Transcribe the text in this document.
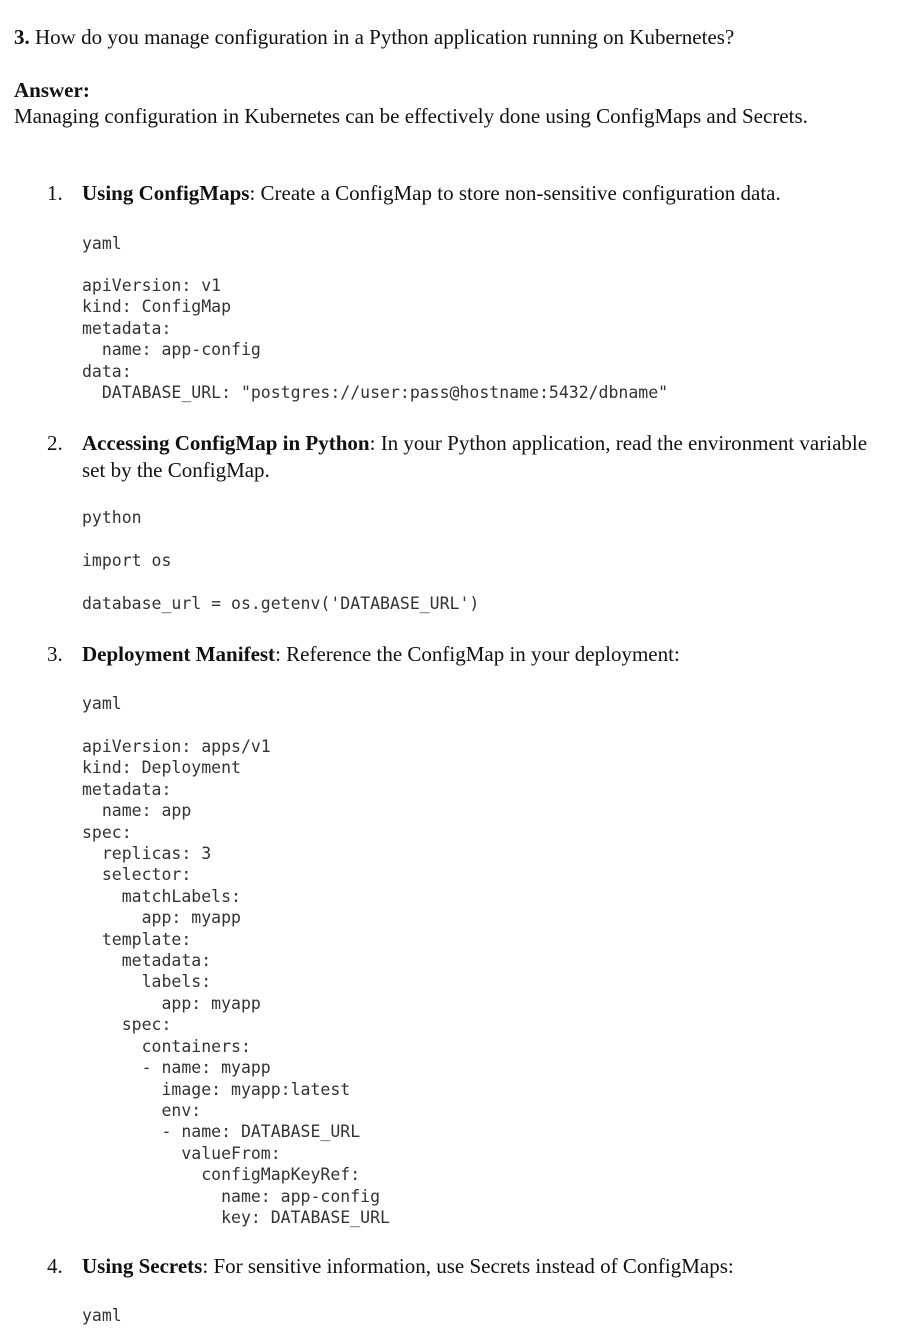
3. How do you manage configuration in a Python application running on Kubernetes?
Answer:
Managing configuration in Kubernetes can be effectively done using ConfigMaps and Secrets.
1. Using ConfigMaps: Create a ConfigMap to store non-sensitive configuration data.
yaml
apiVersion: v1
kind: ConfigMap
metadata:
name: app-config
data:
DATABASE_URL: "postgres://user:pass@hostname:5432/dbname"
2. Accessing ConfigMap in Python: In your Python application, read the environment variable set by the ConfigMap.
python
import os

database_url = os.getenv('DATABASE_URL')
3. Deployment Manifest: Reference the ConfigMap in your deployment:
yaml
apiVersion: apps/v1
kind: Deployment
metadata:
name: app
spec:
replicas: 3
selector:
matchLabels:
app: myapp
template:
metadata:
labels:
app: myapp
spec:
containers:
- name: myapp
image: myapp:latest
env:
- name: DATABASE_URL
valueFrom:
configMapKeyRef:
name: app-config
key: DATABASE_URL
4. Using Secrets: For sensitive information, use Secrets instead of ConfigMaps:
yaml
